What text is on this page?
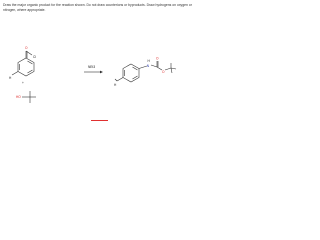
Draw the major organic product for the reaction shown. Do not draw counterions or byproducts. Draw hydrogens on oxygen or nitrogen, where appropriate.
O
Cl
H
+
HO
NEt3	N
H
O
O
H
